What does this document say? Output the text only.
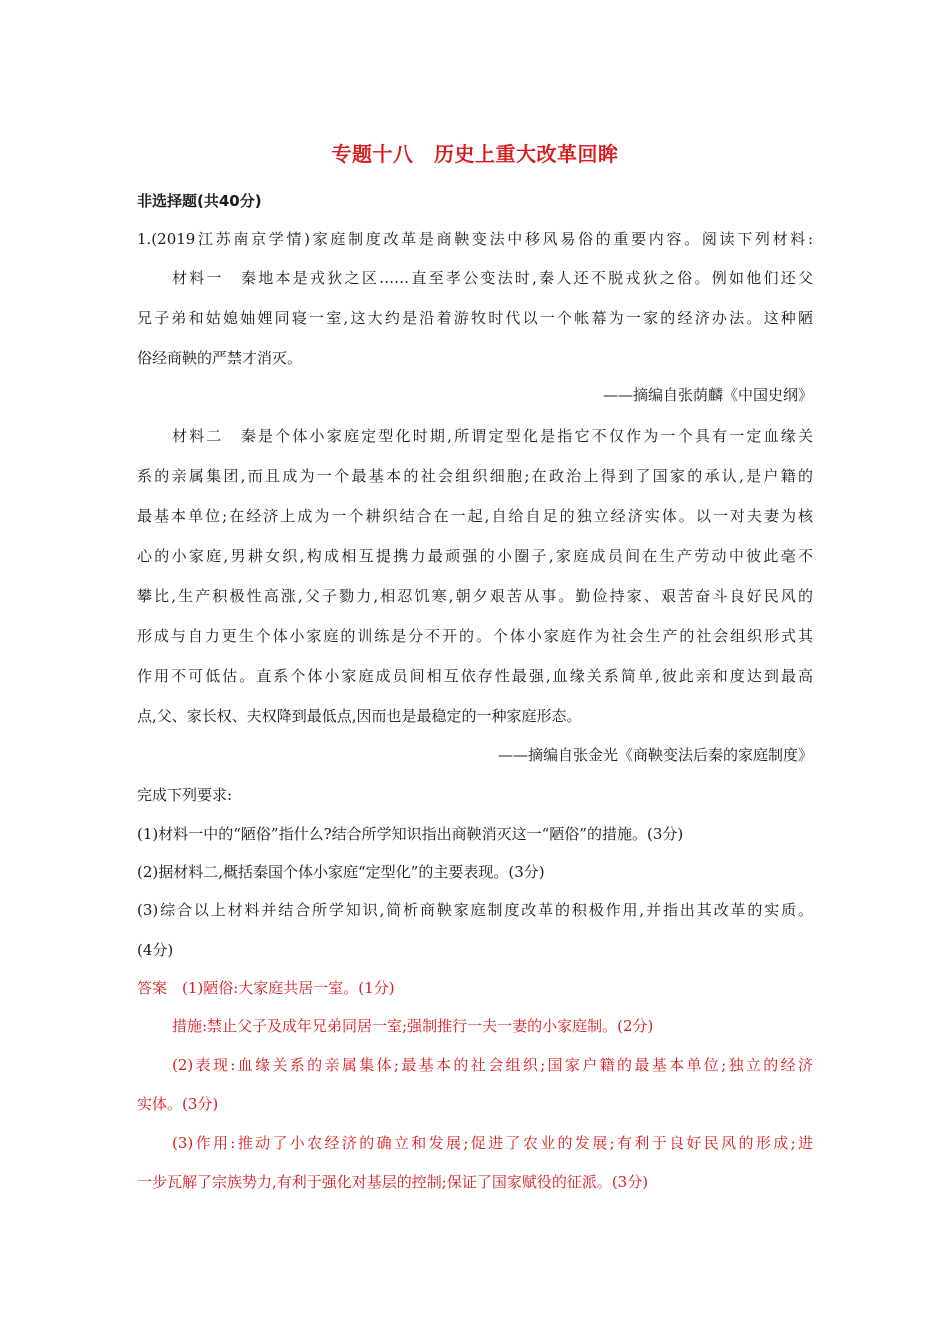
专题十八　历史上重大改革回眸
非选择题(共40分)
1.(2019江苏南京学情)家庭制度改革是商鞅变法中移风易俗的重要内容。阅读下列材料:
材料一　秦地本是戎狄之区……直至孝公变法时,秦人还不脱戎狄之俗。例如他们还父
兄子弟和姑媳妯娌同寝一室,这大约是沿着游牧时代以一个帐幕为一家的经济办法。这种陋
俗经商鞅的严禁才消灭。
——摘编自张荫麟《中国史纲》
材料二　秦是个体小家庭定型化时期,所谓定型化是指它不仅作为一个具有一定血缘关
系的亲属集团,而且成为一个最基本的社会组织细胞;在政治上得到了国家的承认,是户籍的
最基本单位;在经济上成为一个耕织结合在一起,自给自足的独立经济实体。以一对夫妻为核
心的小家庭,男耕女织,构成相互提携力最顽强的小圈子,家庭成员间在生产劳动中彼此毫不
攀比,生产积极性高涨,父子勠力,相忍饥寒,朝夕艰苦从事。勤俭持家、艰苦奋斗良好民风的
形成与自力更生个体小家庭的训练是分不开的。个体小家庭作为社会生产的社会组织形式其
作用不可低估。直系个体小家庭成员间相互依存性最强,血缘关系简单,彼此亲和度达到最高
点,父、家长权、夫权降到最低点,因而也是最稳定的一种家庭形态。
——摘编自张金光《商鞅变法后秦的家庭制度》
完成下列要求:
(1)材料一中的“陋俗”指什么?结合所学知识指出商鞅消灭这一“陋俗”的措施。(3分)
(2)据材料二,概括秦国个体小家庭“定型化”的主要表现。(3分)
(3)综合以上材料并结合所学知识,简析商鞅家庭制度改革的积极作用,并指出其改革的实质。
(4分)
答案　(1)陋俗:大家庭共居一室。(1分)
措施:禁止父子及成年兄弟同居一室;强制推行一夫一妻的小家庭制。(2分)
(2)表现:血缘关系的亲属集体;最基本的社会组织;国家户籍的最基本单位;独立的经济
实体。(3分)
(3)作用:推动了小农经济的确立和发展;促进了农业的发展;有利于良好民风的形成;进
一步瓦解了宗族势力,有利于强化对基层的控制;保证了国家赋役的征派。(3分)
